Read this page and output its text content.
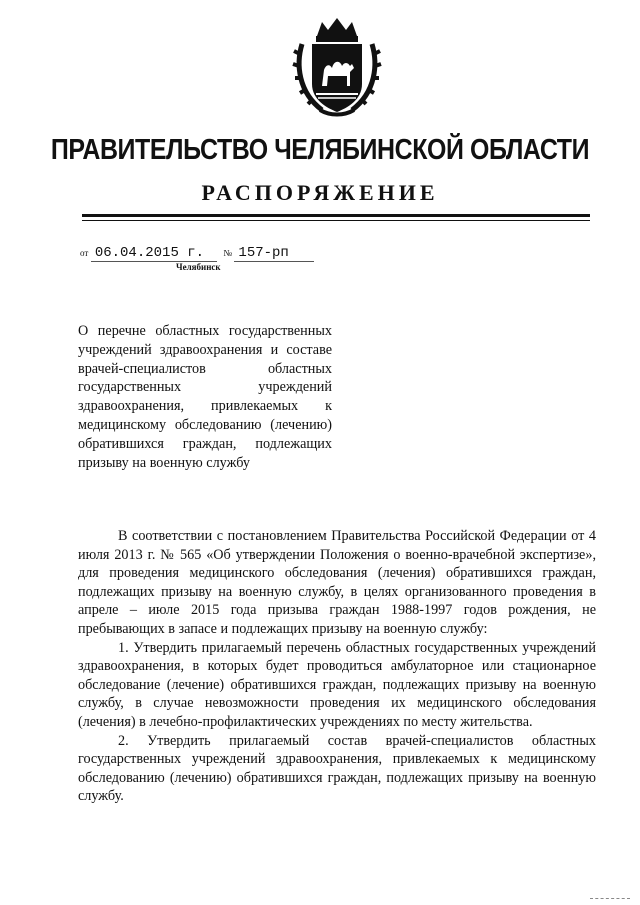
ПРАВИТЕЛЬСТВО ЧЕЛЯБИНСКОЙ ОБЛАСТИ
РАСПОРЯЖЕНИЕ
от 06.04.2015 г. № 157-рп
Челябинск
О перечне областных государственных учреждений здравоохранения и составе врачей-специалистов областных государственных учреждений здравоохранения, привлекаемых к медицинскому обследованию (лечению) обратившихся граждан, подлежащих призыву на военную службу

В соответствии с постановлением Правительства Российской Федерации от 4 июля 2013 г. № 565 «Об утверждении Положения о военно-врачебной экспертизе», для проведения медицинского обследования (лечения) обратившихся граждан, подлежащих призыву на военную службу, в целях организованного проведения в апреле – июле 2015 года призыва граждан 1988-1997 годов рождения, не пребывающих в запасе и подлежащих призыву на военную службу:

1. Утвердить прилагаемый перечень областных государственных учреждений здравоохранения, в которых будет проводиться амбулаторное или стационарное обследование (лечение) обратившихся граждан, подлежащих призыву на военную службу, в случае невозможности проведения их медицинского обследования (лечения) в лечебно-профилактических учреждениях по месту жительства.

2. Утвердить прилагаемый состав врачей-специалистов областных государственных учреждений здравоохранения, привлекаемых к медицинскому обследованию (лечению) обратившихся граждан, подлежащих призыву на военную службу.
